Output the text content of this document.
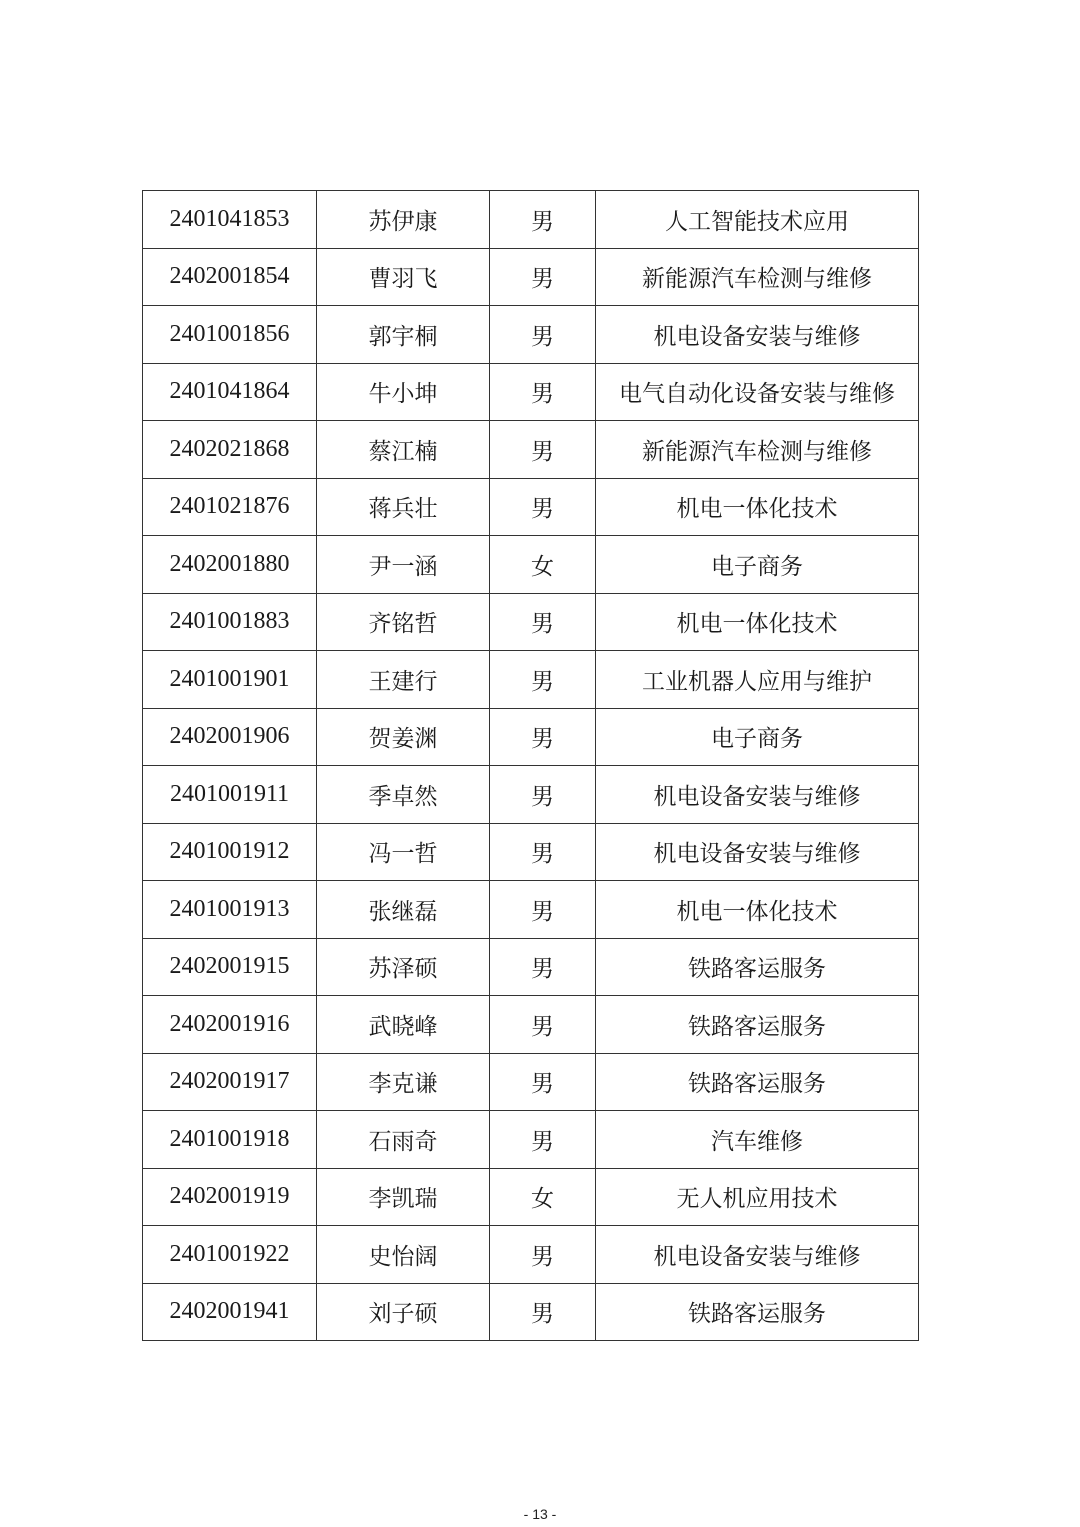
2401041853	苏伊康	男	人工智能技术应用
2402001854	曹羽飞	男	新能源汽车检测与维修
2401001856	郭宇桐	男	机电设备安装与维修
2401041864	牛小坤	男	电气自动化设备安装与维修
2402021868	蔡江楠	男	新能源汽车检测与维修
2401021876	蒋兵壮	男	机电一体化技术
2402001880	尹一涵	女	电子商务
2401001883	齐铭哲	男	机电一体化技术
2401001901	王建行	男	工业机器人应用与维护
2402001906	贺姜渊	男	电子商务
2401001911	季卓然	男	机电设备安装与维修
2401001912	冯一哲	男	机电设备安装与维修
2401001913	张继磊	男	机电一体化技术
2402001915	苏泽硕	男	铁路客运服务
2402001916	武晓峰	男	铁路客运服务
2402001917	李克谦	男	铁路客运服务
2401001918	石雨奇	男	汽车维修
2402001919	李凯瑞	女	无人机应用技术
2401001922	史怡阔	男	机电设备安装与维修
2402001941	刘子硕	男	铁路客运服务
- 13 -
